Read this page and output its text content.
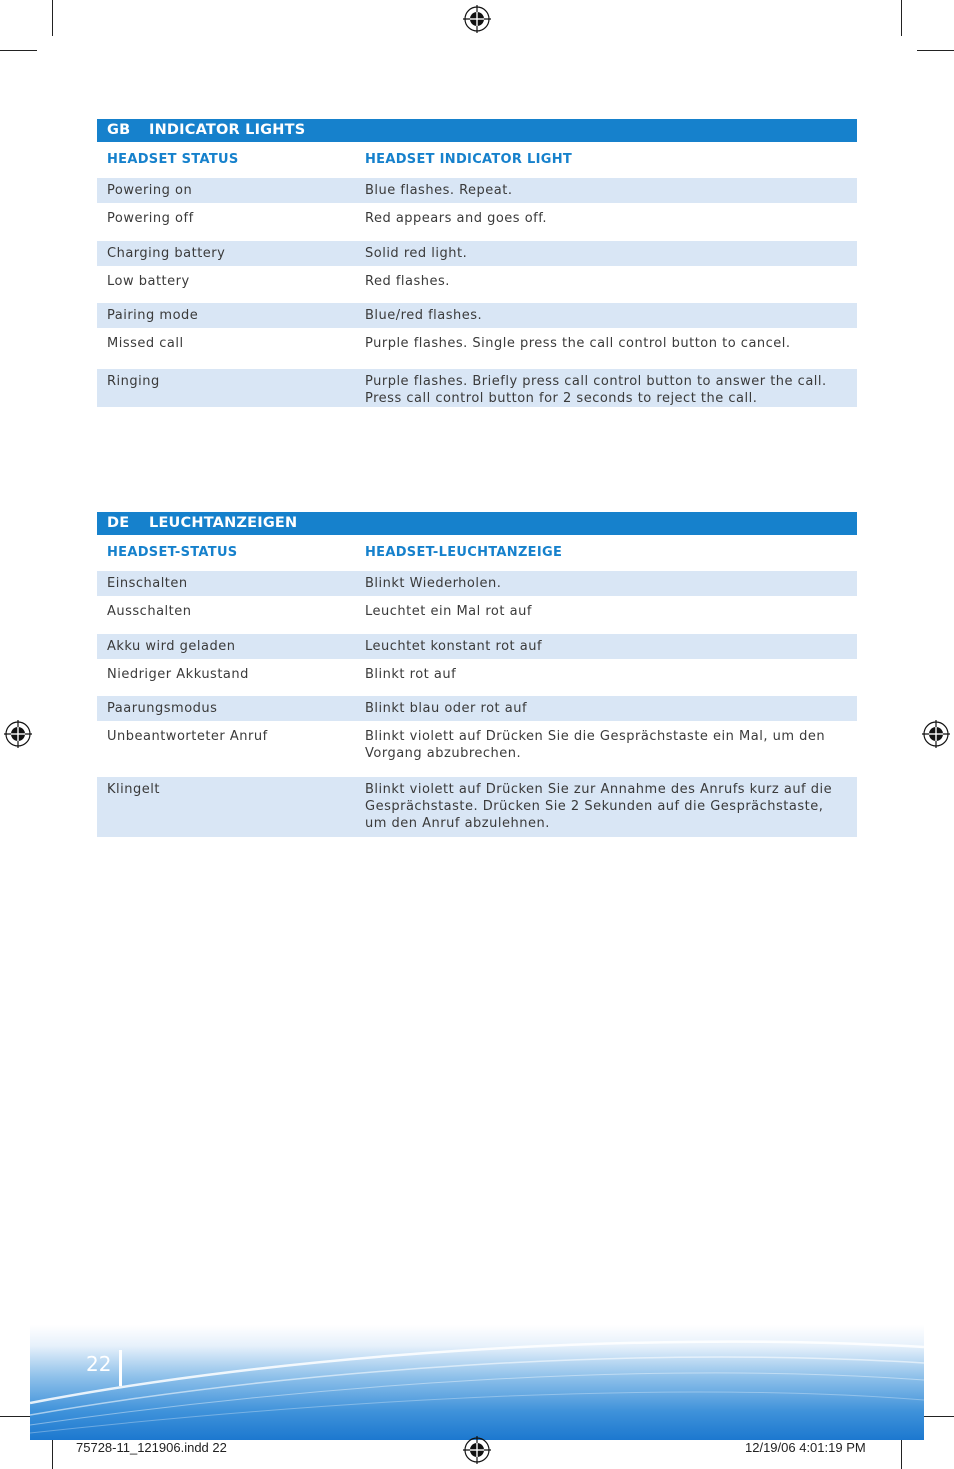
GB INDICATOR LIGHTS
HEADSET STATUS	HEADSET INDICATOR LIGHT
Powering on	Blue flashes. Repeat.
Powering off	Red appears and goes off.
Charging battery	Solid red light.
Low battery	Red flashes.
Pairing mode	Blue/red flashes.
Missed call	Purple flashes. Single press the call control button to cancel.
Ringing	Purple flashes. Briefly press call control button to answer the call. Press call control button for 2 seconds to reject the call.
DE LEUCHTANZEIGEN
HEADSET-STATUS	HEADSET-LEUCHTANZEIGE
Einschalten	Blinkt Wiederholen.
Ausschalten	Leuchtet ein Mal rot auf
Akku wird geladen	Leuchtet konstant rot auf
Niedriger Akkustand	Blinkt rot auf
Paarungsmodus	Blinkt blau oder rot auf
Unbeantworteter Anruf	Blinkt violett auf Drücken Sie die Gesprächstaste ein Mal, um den Vorgang abzubrechen.
Klingelt	Blinkt violett auf Drücken Sie zur Annahme des Anrufs kurz auf die Gesprächstaste. Drücken Sie 2 Sekunden auf die Gesprächstaste, um den Anruf abzulehnen.
22
75728-11_121906.indd 22	12/19/06 4:01:19 PM
